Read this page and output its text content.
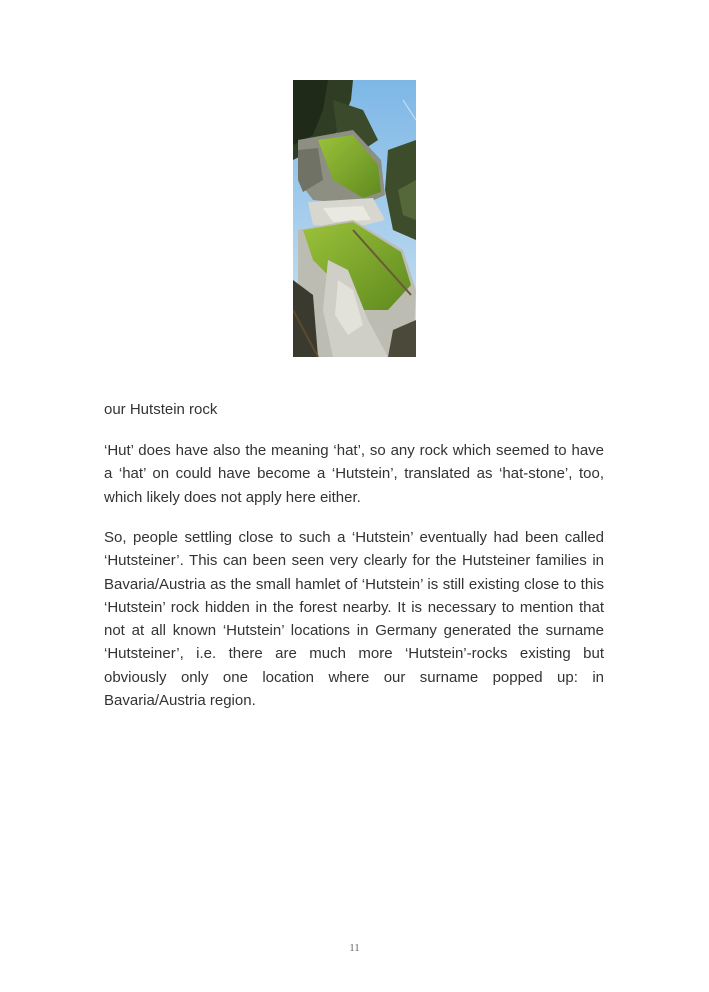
our Hutstein rock

‘Hut’ does have also the meaning ‘hat’, so any rock which seemed to have a ‘hat’ on could have become a ‘Hutstein’, translated as ‘hat-stone’, too, which likely does not apply here either.

So, people settling close to such a ‘Hutstein’ eventually had been called ‘Hutsteiner’. This can been seen very clearly for the Hutsteiner families in Bavaria/Austria as the small hamlet of ‘Hutstein’ is still existing close to this ‘Hutstein’ rock hidden in the forest nearby. It is necessary to mention that not at all known ‘Hutstein’ locations in Germany generated the surname ‘Hutsteiner’, i.e. there are much more ‘Hutstein’-rocks existing but obviously only one location where our surname popped up: in Bavaria/Austria region.

11
